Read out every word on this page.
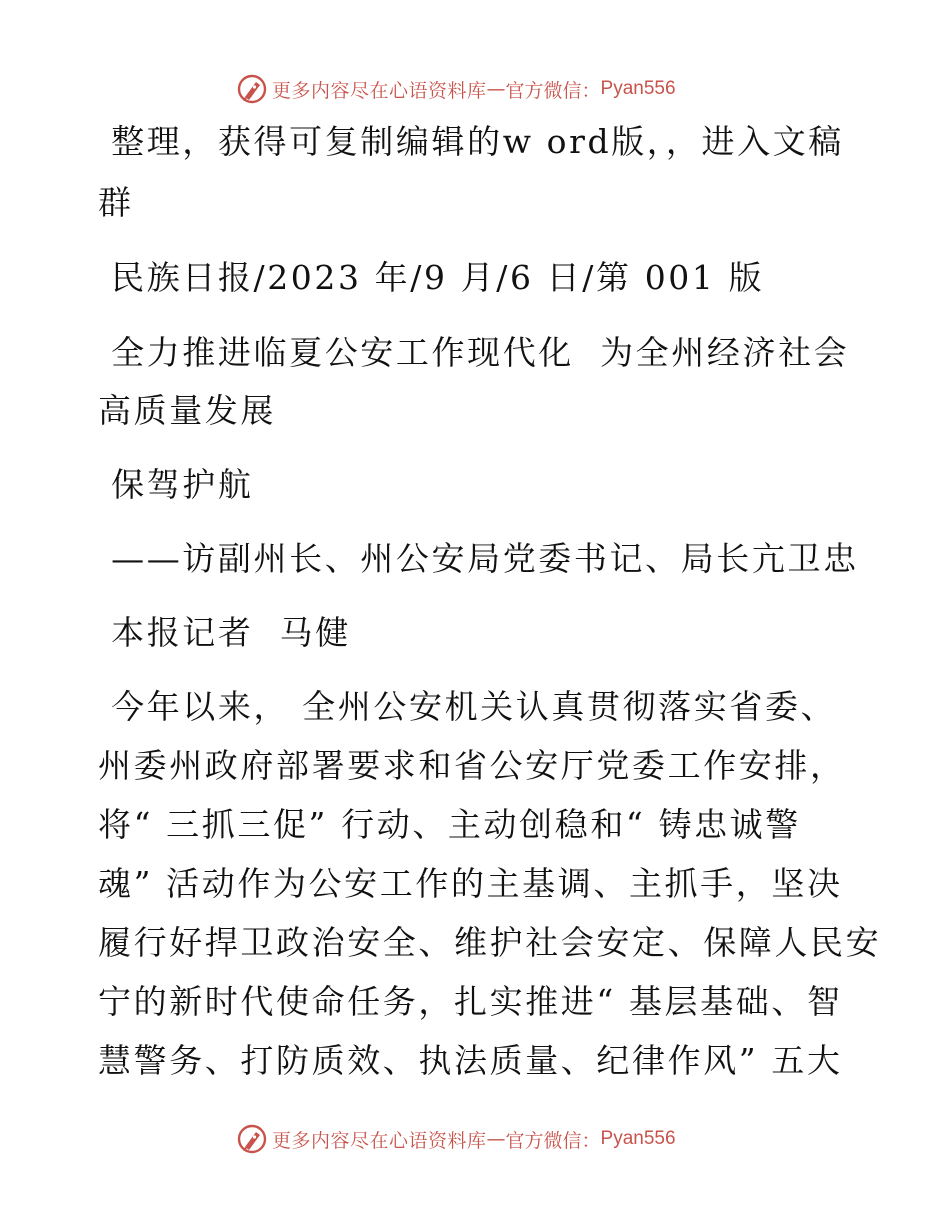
更多内容尽在心语资料库 — 官方微信： Pyan556
整理，获得可复制编辑的w ord版，，进入文稿
群
民族日报/2023 年/9 月/6 日/第 001 版
全力推进临夏公安工作现代化  为全州经济社会
高质量发展
保驾护航
——访副州长、州公安局党委书记、局长亢卫忠
本报记者  马健
今年以来， 全州公安机关认真贯彻落实省委、
州委州政府部署要求和省公安厅党委工作安排，
将“ 三抓三促” 行动、主动创稳和“ 铸忠诚警
魂” 活动作为公安工作的主基调、主抓手，坚决
履行好捍卫政治安全、维护社会安定、保障人民安
宁的新时代使命任务，扎实推进“ 基层基础、智
慧警务、打防质效、执法质量、纪律作风” 五大
更多内容尽在心语资料库 — 官方微信： Pyan556
